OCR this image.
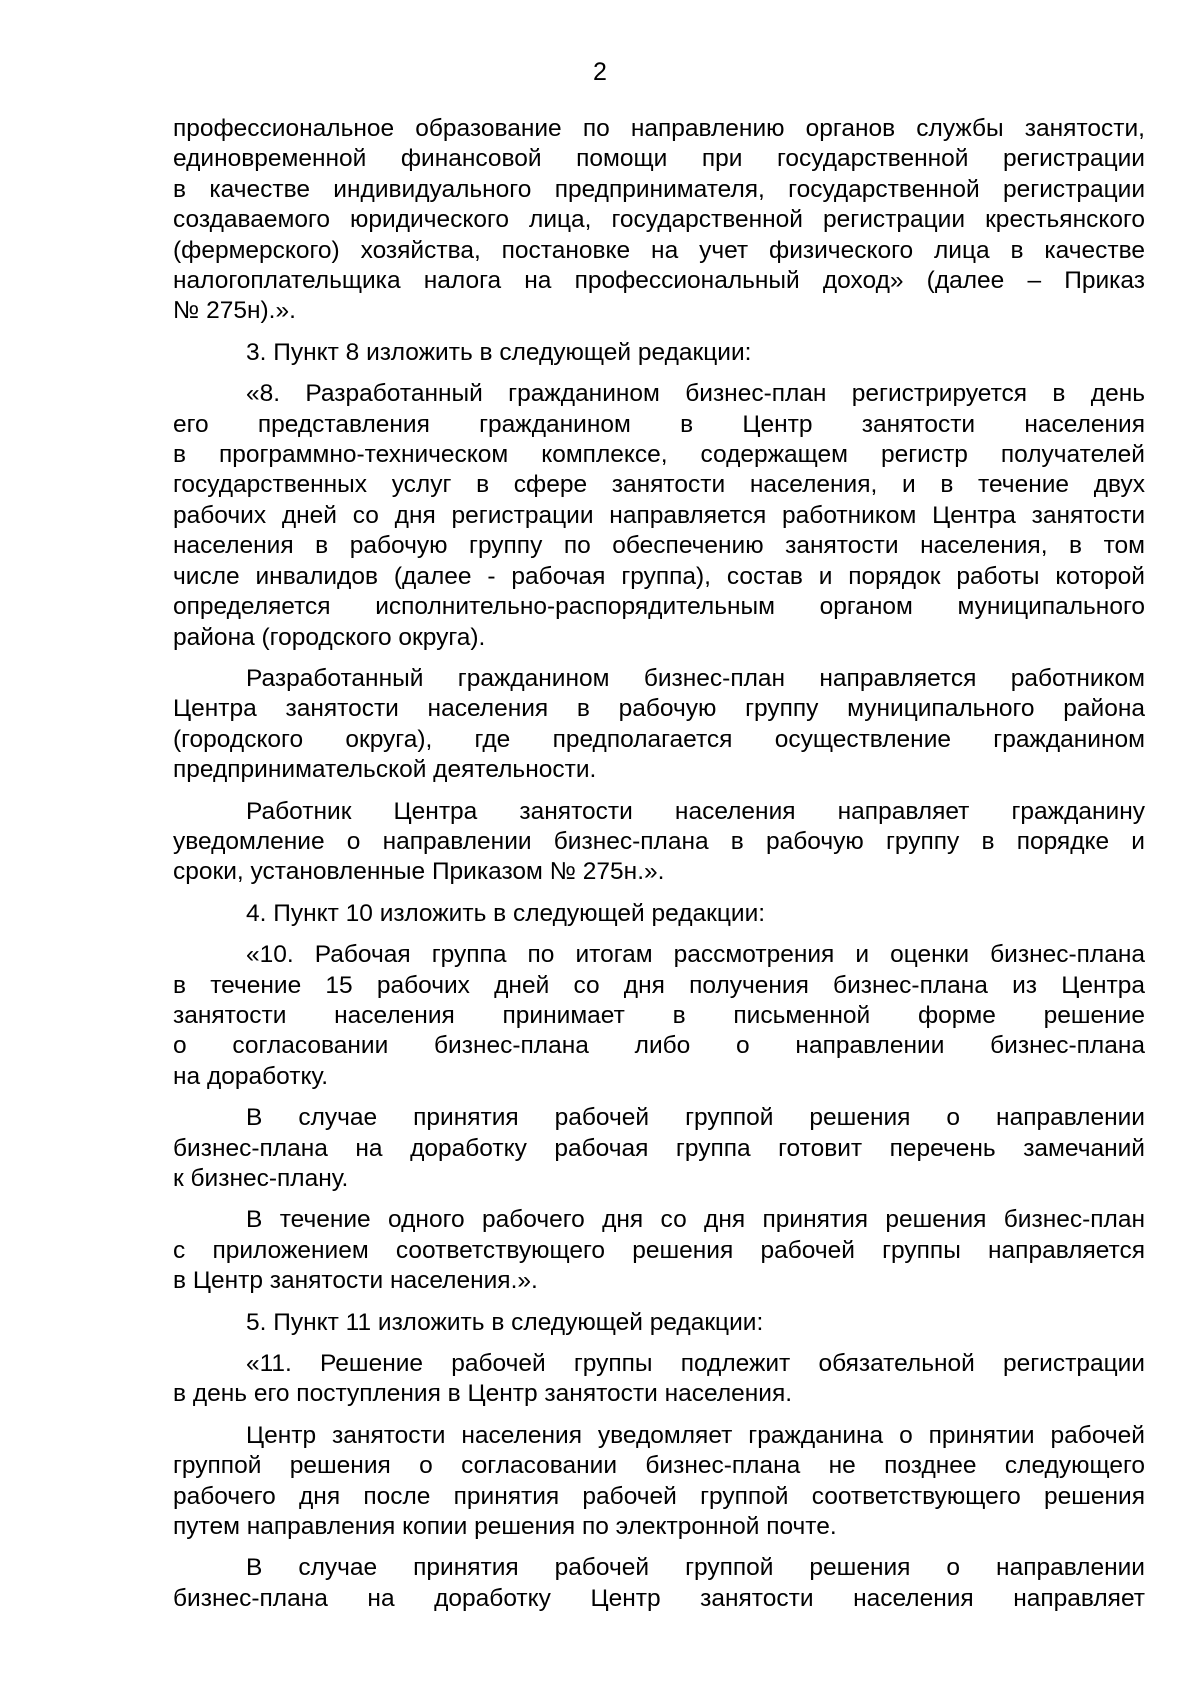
2
профессиональное образование по направлению органов службы занятости,
единовременной финансовой помощи при государственной регистрации
в качестве индивидуального предпринимателя, государственной регистрации
создаваемого юридического лица, государственной регистрации крестьянского
(фермерского) хозяйства, постановке на учет физического лица в качестве
налогоплательщика налога на профессиональный доход» (далее – Приказ
№ 275н).».
3. Пункт 8 изложить в следующей редакции:
«8. Разработанный гражданином бизнес-план регистрируется в день
его представления гражданином в Центр занятости населения
в программно-техническом комплексе, содержащем регистр получателей
государственных услуг в сфере занятости населения, и в течение двух
рабочих дней со дня регистрации направляется работником Центра занятости
населения в рабочую группу по обеспечению занятости населения, в том
числе инвалидов (далее - рабочая группа), состав и порядок работы которой
определяется исполнительно-распорядительным органом муниципального
района (городского округа).
Разработанный гражданином бизнес-план направляется работником
Центра занятости населения в рабочую группу муниципального района
(городского округа), где предполагается осуществление гражданином
предпринимательской деятельности.
Работник Центра занятости населения направляет гражданину
уведомление о направлении бизнес-плана в рабочую группу в порядке и
сроки, установленные Приказом № 275н.».
4. Пункт 10 изложить в следующей редакции:
«10. Рабочая группа по итогам рассмотрения и оценки бизнес-плана
в течение 15 рабочих дней со дня получения бизнес-плана из Центра
занятости населения принимает в письменной форме решение
о согласовании бизнес-плана либо о направлении бизнес-плана
на доработку.
В случае принятия рабочей группой решения о направлении
бизнес-плана на доработку рабочая группа готовит перечень замечаний
к бизнес-плану.
В течение одного рабочего дня со дня принятия решения бизнес-план
с приложением соответствующего решения рабочей группы направляется
в Центр занятости населения.».
5. Пункт 11 изложить в следующей редакции:
«11. Решение рабочей группы подлежит обязательной регистрации
в день его поступления в Центр занятости населения.
Центр занятости населения уведомляет гражданина о принятии рабочей
группой решения о согласовании бизнес-плана не позднее следующего
рабочего дня после принятия рабочей группой соответствующего решения
путем направления копии решения по электронной почте.
В случае принятия рабочей группой решения о направлении
бизнес-плана на доработку Центр занятости населения направляет
